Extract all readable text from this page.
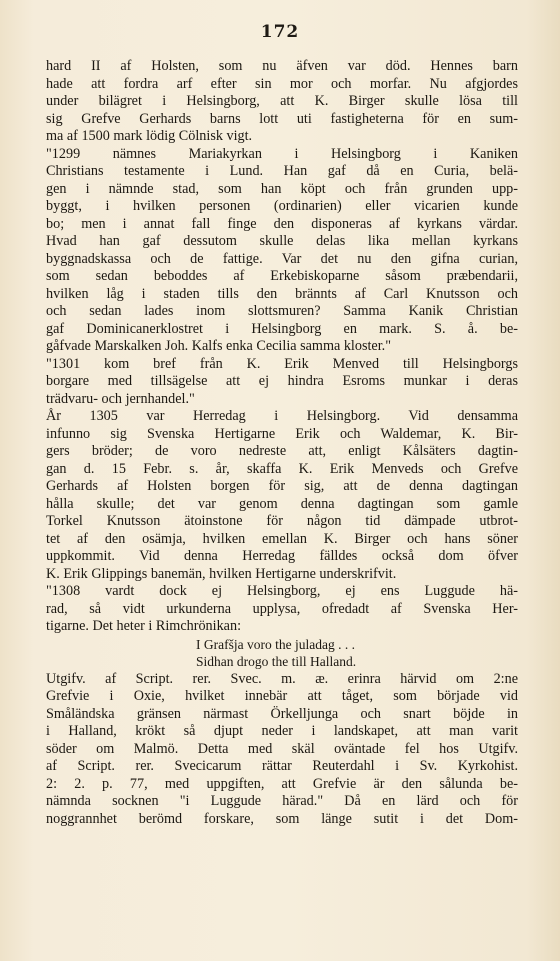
172
hard II af Holsten, som nu äfven var död. Hennes barn
hade att fordra arf efter sin mor och morfar. Nu afgjordes
under bilägret i Helsingborg, att K. Birger skulle lösa till
sig Grefve Gerhards barns lott uti fastigheterna för en sum-
ma af 1500 mark lödig Cölnisk vigt.
"1299 nämnes Mariakyrkan i Helsingborg i Kaniken
Christians testamente i Lund. Han gaf då en Curia, belä-
gen i nämnde stad, som han köpt och från grunden upp-
byggt, i hvilken personen (ordinarien) eller vicarien kunde
bo; men i annat fall finge den disponeras af kyrkans värdar.
Hvad han gaf dessutom skulle delas lika mellan kyrkans
byggnadskassa och de fattige. Var det nu den gifna curian,
som sedan beboddes af Erkebiskoparne såsom præbendarii,
hvilken låg i staden tills den brännts af Carl Knutsson och
och sedan lades inom slottsmuren? Samma Kanik Christian
gaf Dominicanerklostret i Helsingborg en mark. S. å. be-
gåfvade Marskalken Joh. Kalfs enka Cecilia samma kloster."
"1301 kom bref från K. Erik Menved till Helsingborgs
borgare med tillsägelse att ej hindra Esroms munkar i deras
trädvaru- och jernhandel."
År 1305 var Herredag i Helsingborg. Vid densamma
infunno sig Svenska Hertigarne Erik och Waldemar, K. Bir-
gers bröder; de voro nedreste att, enligt Kålsäters dagtin-
gan d. 15 Febr. s. år, skaffa K. Erik Menveds och Grefve
Gerhards af Holsten borgen för sig, att de denna dagtingan
hålla skulle; det var genom denna dagtingan som gamle
Torkel Knutsson ätoinstone för någon tid dämpade utbrot-
tet af den osämja, hvilken emellan K. Birger och hans söner
uppkommit. Vid denna Herredag fälldes också dom öfver
K. Erik Glippings banemän, hvilken Hertigarne underskrifvit.
"1308 vardt dock ej Helsingborg, ej ens Luggude hä-
rad, så vidt urkunderna upplysa, ofredadt af Svenska Her-
tigarne. Det heter i Rimchrönikan:
I Grafšja voro the juladag . . .
Sidhan drogo the till Halland.
Utgifv. af Script. rer. Svec. m. æ. erinra härvid om 2:ne
Grefvie i Oxie, hvilket innebär att tåget, som började vid
Småländska gränsen närmast Örkelljunga och snart böjde in
i Halland, krökt så djupt neder i landskapet, att man varit
söder om Malmö. Detta med skäl oväntade fel hos Utgifv.
af Script. rer. Svecicarum rättar Reuterdahl i Sv. Kyrkohist.
2: 2. p. 77, med uppgiften, att Grefvie är den sålunda be-
nämnda socknen "i Luggude härad." Då en lärd och för
noggrannhet berömd forskare, som länge sutit i det Dom-
